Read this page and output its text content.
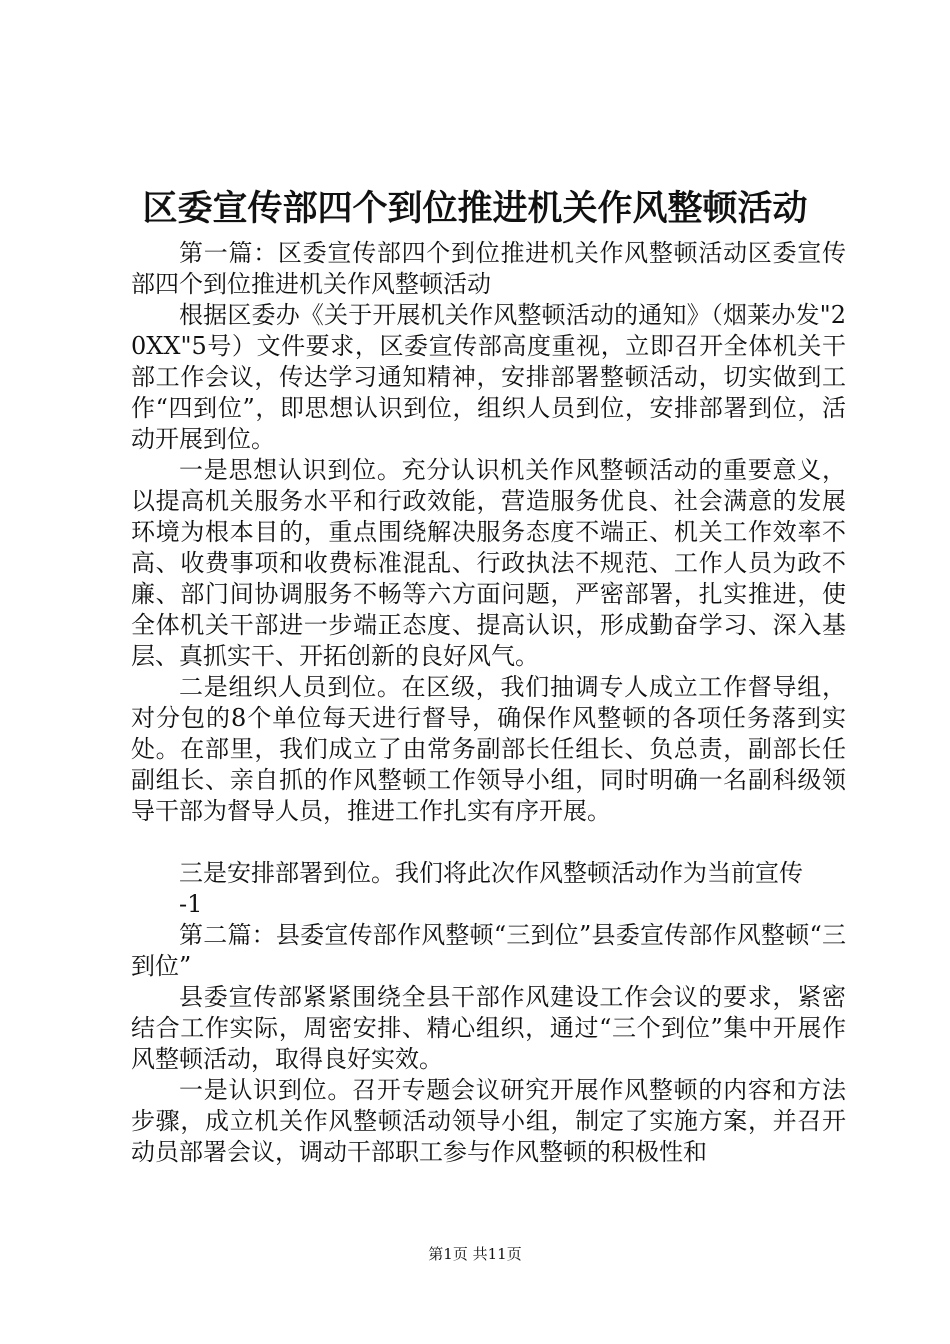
区委宣传部四个到位推进机关作风整顿活动

第一篇：区委宣传部四个到位推进机关作风整顿活动区委宣传部四个到位推进机关作风整顿活动

根据区委办《关于开展机关作风整顿活动的通知》（烟莱办发"20XX"5号）文件要求，区委宣传部高度重视，立即召开全体机关干部工作会议，传达学习通知精神，安排部署整顿活动，切实做到工作“四到位”，即思想认识到位，组织人员到位，安排部署到位，活动开展到位。

一是思想认识到位。充分认识机关作风整顿活动的重要意义，以提高机关服务水平和行政效能，营造服务优良、社会满意的发展环境为根本目的，重点围绕解决服务态度不端正、机关工作效率不高、收费事项和收费标准混乱、行政执法不规范、工作人员为政不廉、部门间协调服务不畅等六方面问题，严密部署，扎实推进，使全体机关干部进一步端正态度、提高认识，形成勤奋学习、深入基层、真抓实干、开拓创新的良好风气。

二是组织人员到位。在区级，我们抽调专人成立工作督导组，对分包的8个单位每天进行督导，确保作风整顿的各项任务落到实处。在部里，我们成立了由常务副部长任组长、负总责，副部长任副组长、亲自抓的作风整顿工作领导小组，同时明确一名副科级领导干部为督导人员，推进工作扎实有序开展。

三是安排部署到位。我们将此次作风整顿活动作为当前宣传

-1

第二篇：县委宣传部作风整顿“三到位”县委宣传部作风整顿“三到位”

县委宣传部紧紧围绕全县干部作风建设工作会议的要求，紧密结合工作实际，周密安排、精心组织，通过“三个到位”集中开展作风整顿活动，取得良好实效。

一是认识到位。召开专题会议研究开展作风整顿的内容和方法步骤，成立机关作风整顿活动领导小组，制定了实施方案，并召开动员部署会议，调动干部职工参与作风整顿的积极性和

第1页 共11页
